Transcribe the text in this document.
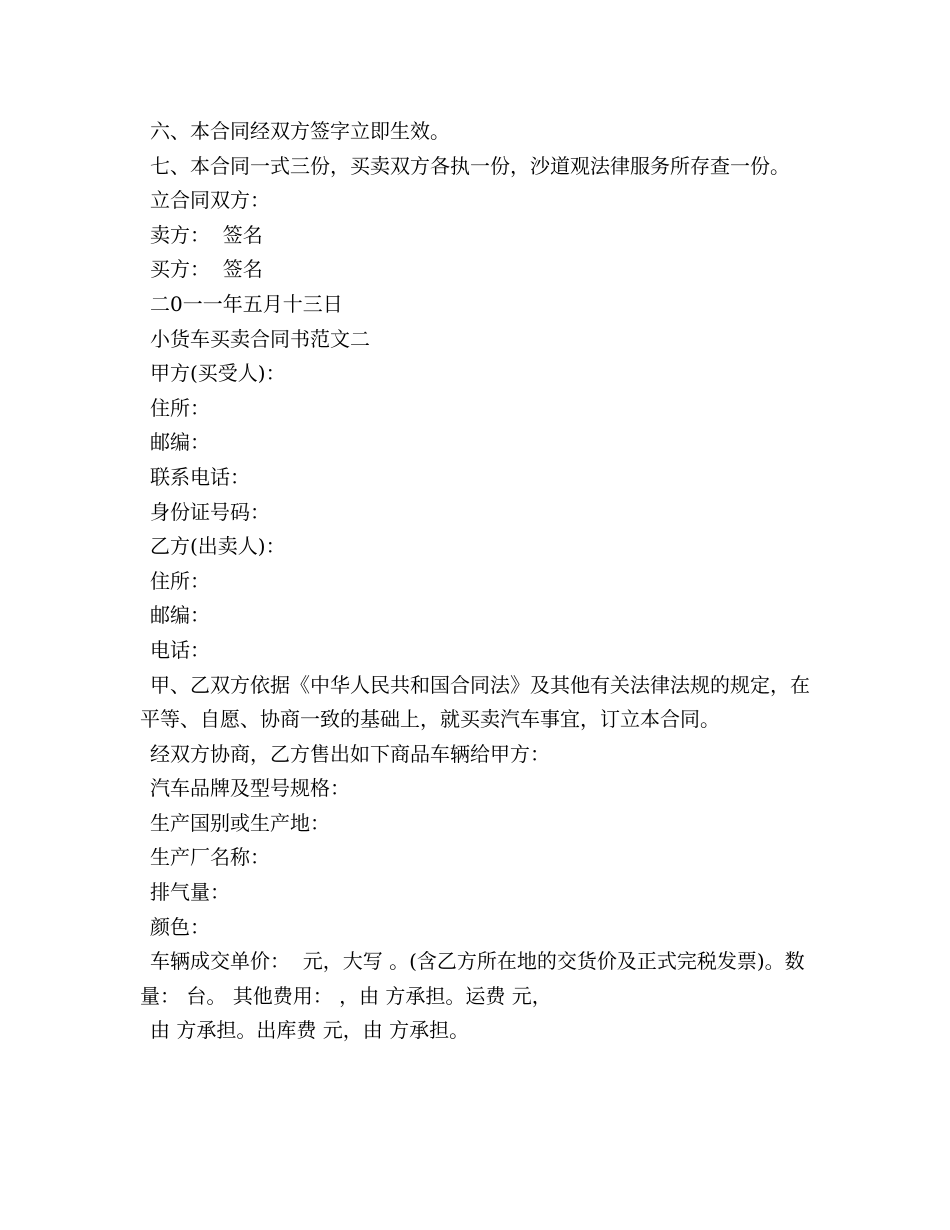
六、本合同经双方签字立即生效。

七、本合同一式三份，买卖双方各执一份，沙道观法律服务所存查一份。

立合同双方：

卖方：  签名

买方：  签名

二0一一年五月十三日

小货车买卖合同书范文二

甲方(买受人)：

住所：

邮编：

联系电话：

身份证号码：

乙方(出卖人)：

住所：

邮编：

电话：

甲、乙双方依据《中华人民共和国合同法》及其他有关法律法规的规定，在平等、自愿、协商一致的基础上，就买卖汽车事宜，订立本合同。

经双方协商，乙方售出如下商品车辆给甲方：

汽车品牌及型号规格：

生产国别或生产地：

生产厂名称：

排气量：

颜色：

车辆成交单价：  元，大写 。(含乙方所在地的交货价及正式完税发票)。数量： 台。 其他费用： ，由 方承担。运费 元，

由 方承担。出库费 元，由 方承担。
